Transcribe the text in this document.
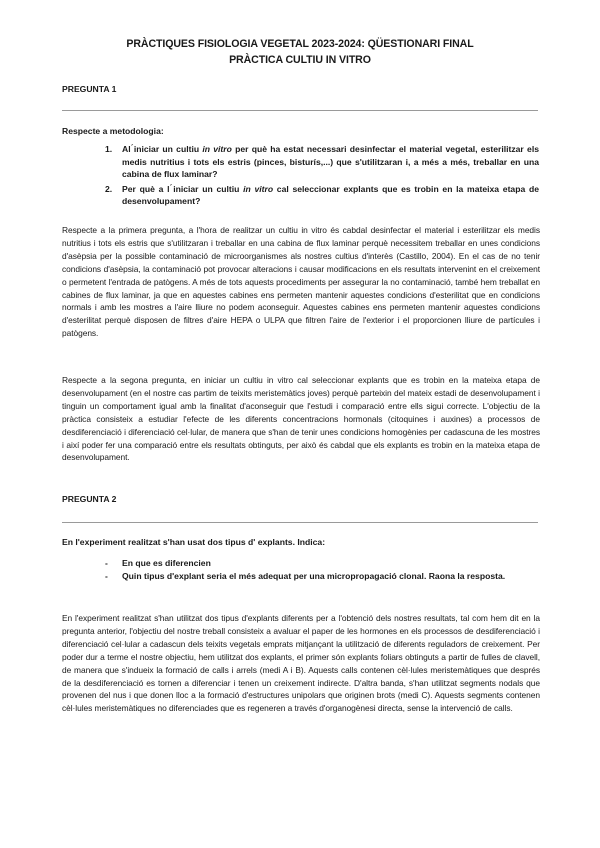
PRÀCTIQUES FISIOLOGIA VEGETAL 2023-2024: QÜESTIONARI FINAL
PRÀCTICA CULTIU IN VITRO
PREGUNTA 1
Respecte a metodologia:
1. Al ́iniciar un cultiu in vitro per què ha estat necessari desinfectar el material vegetal, esterilitzar els medis nutritius i tots els estris (pinces, bisturís,...) que s'utilitzaran i, a més a més, treballar en una cabina de flux laminar?
2. Per què a l ́iniciar un cultiu in vitro cal seleccionar explants que es trobin en la mateixa etapa de desenvolupament?
Respecte a la primera pregunta, a l'hora de realitzar un cultiu in vitro és cabdal desinfectar el material i esterilitzar els medis nutritius i tots els estris que s'utilitzaran i treballar en una cabina de flux laminar perquè necessitem treballar en unes condicions d'asèpsia per la possible contaminació de microorganismes als nostres cultius d'interès (Castillo, 2004). En el cas de no tenir condicions d'asèpsia, la contaminació pot provocar alteracions i causar modificacions en els resultats intervenint en el creixement o permetent l'entrada de patògens. A més de tots aquests procediments per assegurar la no contaminació, també hem treballat en cabines de flux laminar, ja que en aquestes cabines ens permeten mantenir aquestes condicions d'esterilitat que en condicions normals i amb les mostres a l'aire lliure no podem aconseguir. Aquestes cabines ens permeten mantenir aquestes condicions d'esterilitat perquè disposen de filtres d'aire HEPA o ULPA que filtren l'aire de l'exterior i el proporcionen lliure de partícules i patògens.
Respecte a la segona pregunta, en iniciar un cultiu in vitro cal seleccionar explants que es trobin en la mateixa etapa de desenvolupament (en el nostre cas partim de teixits meristemàtics joves) perquè parteixin del mateix estadi de desenvolupament i tinguin un comportament igual amb la finalitat d'aconseguir que l'estudi i comparació entre ells sigui correcte. L'objectiu de la pràctica consisteix a estudiar l'efecte de les diferents concentracions hormonals (citoquines i auxines) a processos de desdiferenciació i diferenciació cel·lular, de manera que s'han de tenir unes condicions homogènies per cadascuna de les mostres i així poder fer una comparació entre els resultats obtinguts, per això és cabdal que els explants es trobin en la mateixa etapa de desenvolupament.
PREGUNTA 2
En l'experiment realitzat s'han usat dos tipus d' explants. Indica:
- En que es diferencien
- Quin tipus d'explant seria el més adequat per una micropropagació clonal. Raona la resposta.
En l'experiment realitzat s'han utilitzat dos tipus d'explants diferents per a l'obtenció dels nostres resultats, tal com hem dit en la pregunta anterior, l'objectiu del nostre treball consisteix a avaluar el paper de les hormones en els processos de desdiferenciació i diferenciació cel·lular a cadascun dels teixits vegetals emprats mitjançant la utilització de diferents reguladors de creixement. Per poder dur a terme el nostre objectiu, hem utilitzat dos explants, el primer són explants foliars obtinguts a partir de fulles de clavell, de manera que s'indueix la formació de calls i arrels (medi A i B). Aquests calls contenen cèl·lules meristemàtiques que després de la desdiferenciació es tornen a diferenciar i tenen un creixement indirecte. D'altra banda, s'han utilitzat segments nodals que provenen del nus i que donen lloc a la formació d'estructures unipolars que originen brots (medi C). Aquests segments contenen cèl·lules meristemàtiques no diferenciades que es regeneren a través d'organogènesi directa, sense la intervenció de calls.
